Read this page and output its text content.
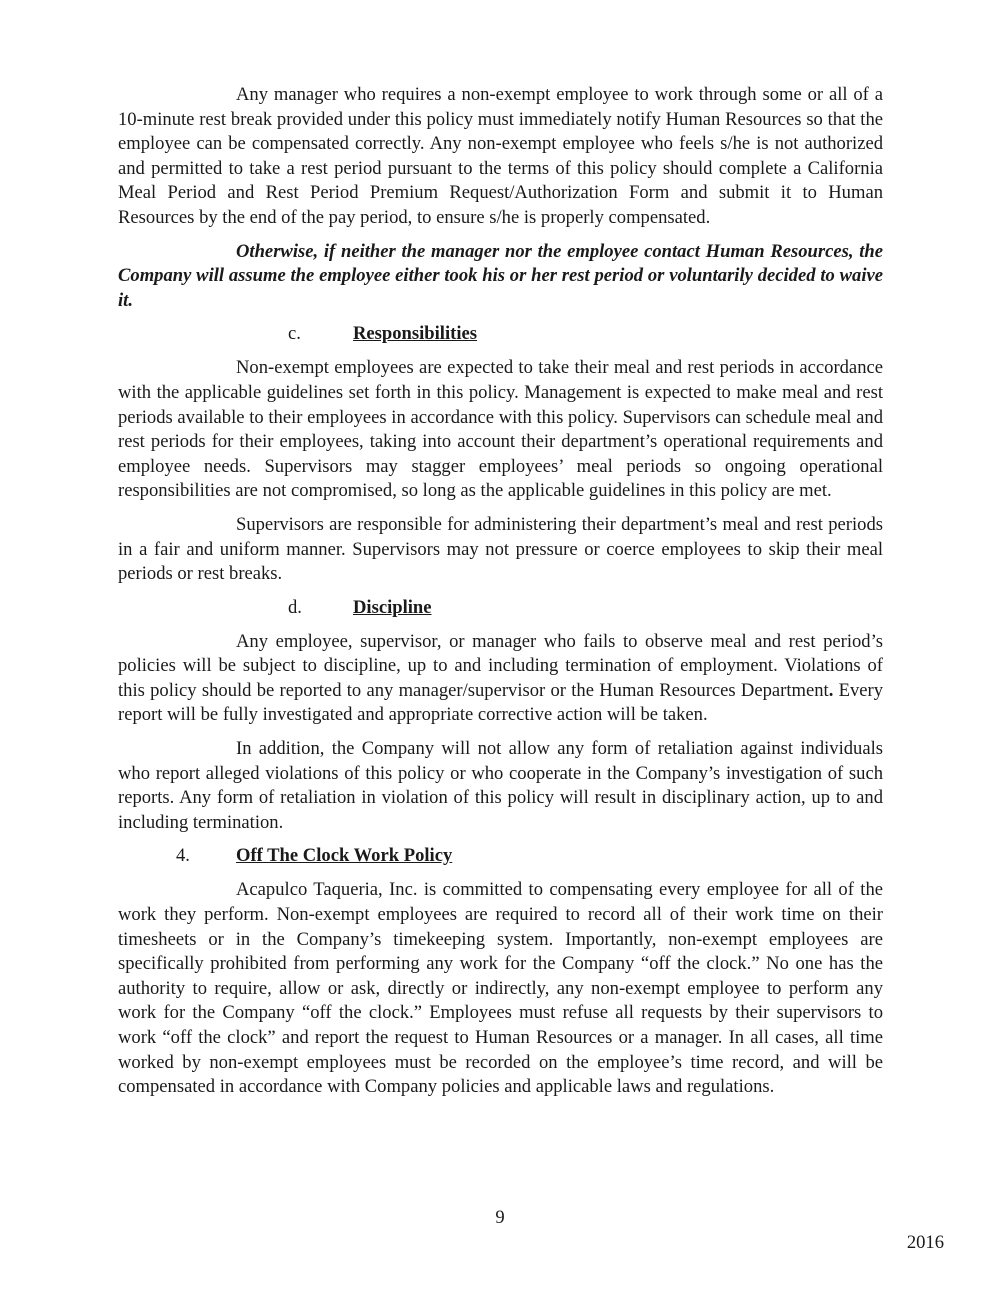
Any manager who requires a non-exempt employee to work through some or all of a 10-minute rest break provided under this policy must immediately notify Human Resources so that the employee can be compensated correctly. Any non-exempt employee who feels s/he is not authorized and permitted to take a rest period pursuant to the terms of this policy should complete a California Meal Period and Rest Period Premium Request/Authorization Form and submit it to Human Resources by the end of the pay period, to ensure s/he is properly compensated.

Otherwise, if neither the manager nor the employee contact Human Resources, the Company will assume the employee either took his or her rest period or voluntarily decided to waive it.

c.	Responsibilities

Non-exempt employees are expected to take their meal and rest periods in accordance with the applicable guidelines set forth in this policy. Management is expected to make meal and rest periods available to their employees in accordance with this policy. Supervisors can schedule meal and rest periods for their employees, taking into account their department’s operational requirements and employee needs. Supervisors may stagger employees’ meal periods so ongoing operational responsibilities are not compromised, so long as the applicable guidelines in this policy are met.

Supervisors are responsible for administering their department’s meal and rest periods in a fair and uniform manner. Supervisors may not pressure or coerce employees to skip their meal periods or rest breaks.

d.	Discipline

Any employee, supervisor, or manager who fails to observe meal and rest period’s policies will be subject to discipline, up to and including termination of employment. Violations of this policy should be reported to any manager/supervisor or the Human Resources Department. Every report will be fully investigated and appropriate corrective action will be taken.

In addition, the Company will not allow any form of retaliation against individuals who report alleged violations of this policy or who cooperate in the Company’s investigation of such reports. Any form of retaliation in violation of this policy will result in disciplinary action, up to and including termination.

4. Off The Clock Work Policy

Acapulco Taqueria, Inc. is committed to compensating every employee for all of the work they perform. Non-exempt employees are required to record all of their work time on their timesheets or in the Company’s timekeeping system. Importantly, non-exempt employees are specifically prohibited from performing any work for the Company “off the clock.” No one has the authority to require, allow or ask, directly or indirectly, any non-exempt employee to perform any work for the Company “off the clock.” Employees must refuse all requests by their supervisors to work “off the clock” and report the request to Human Resources or a manager. In all cases, all time worked by non-exempt employees must be recorded on the employee’s time record, and will be compensated in accordance with Company policies and applicable laws and regulations.

9
2016
